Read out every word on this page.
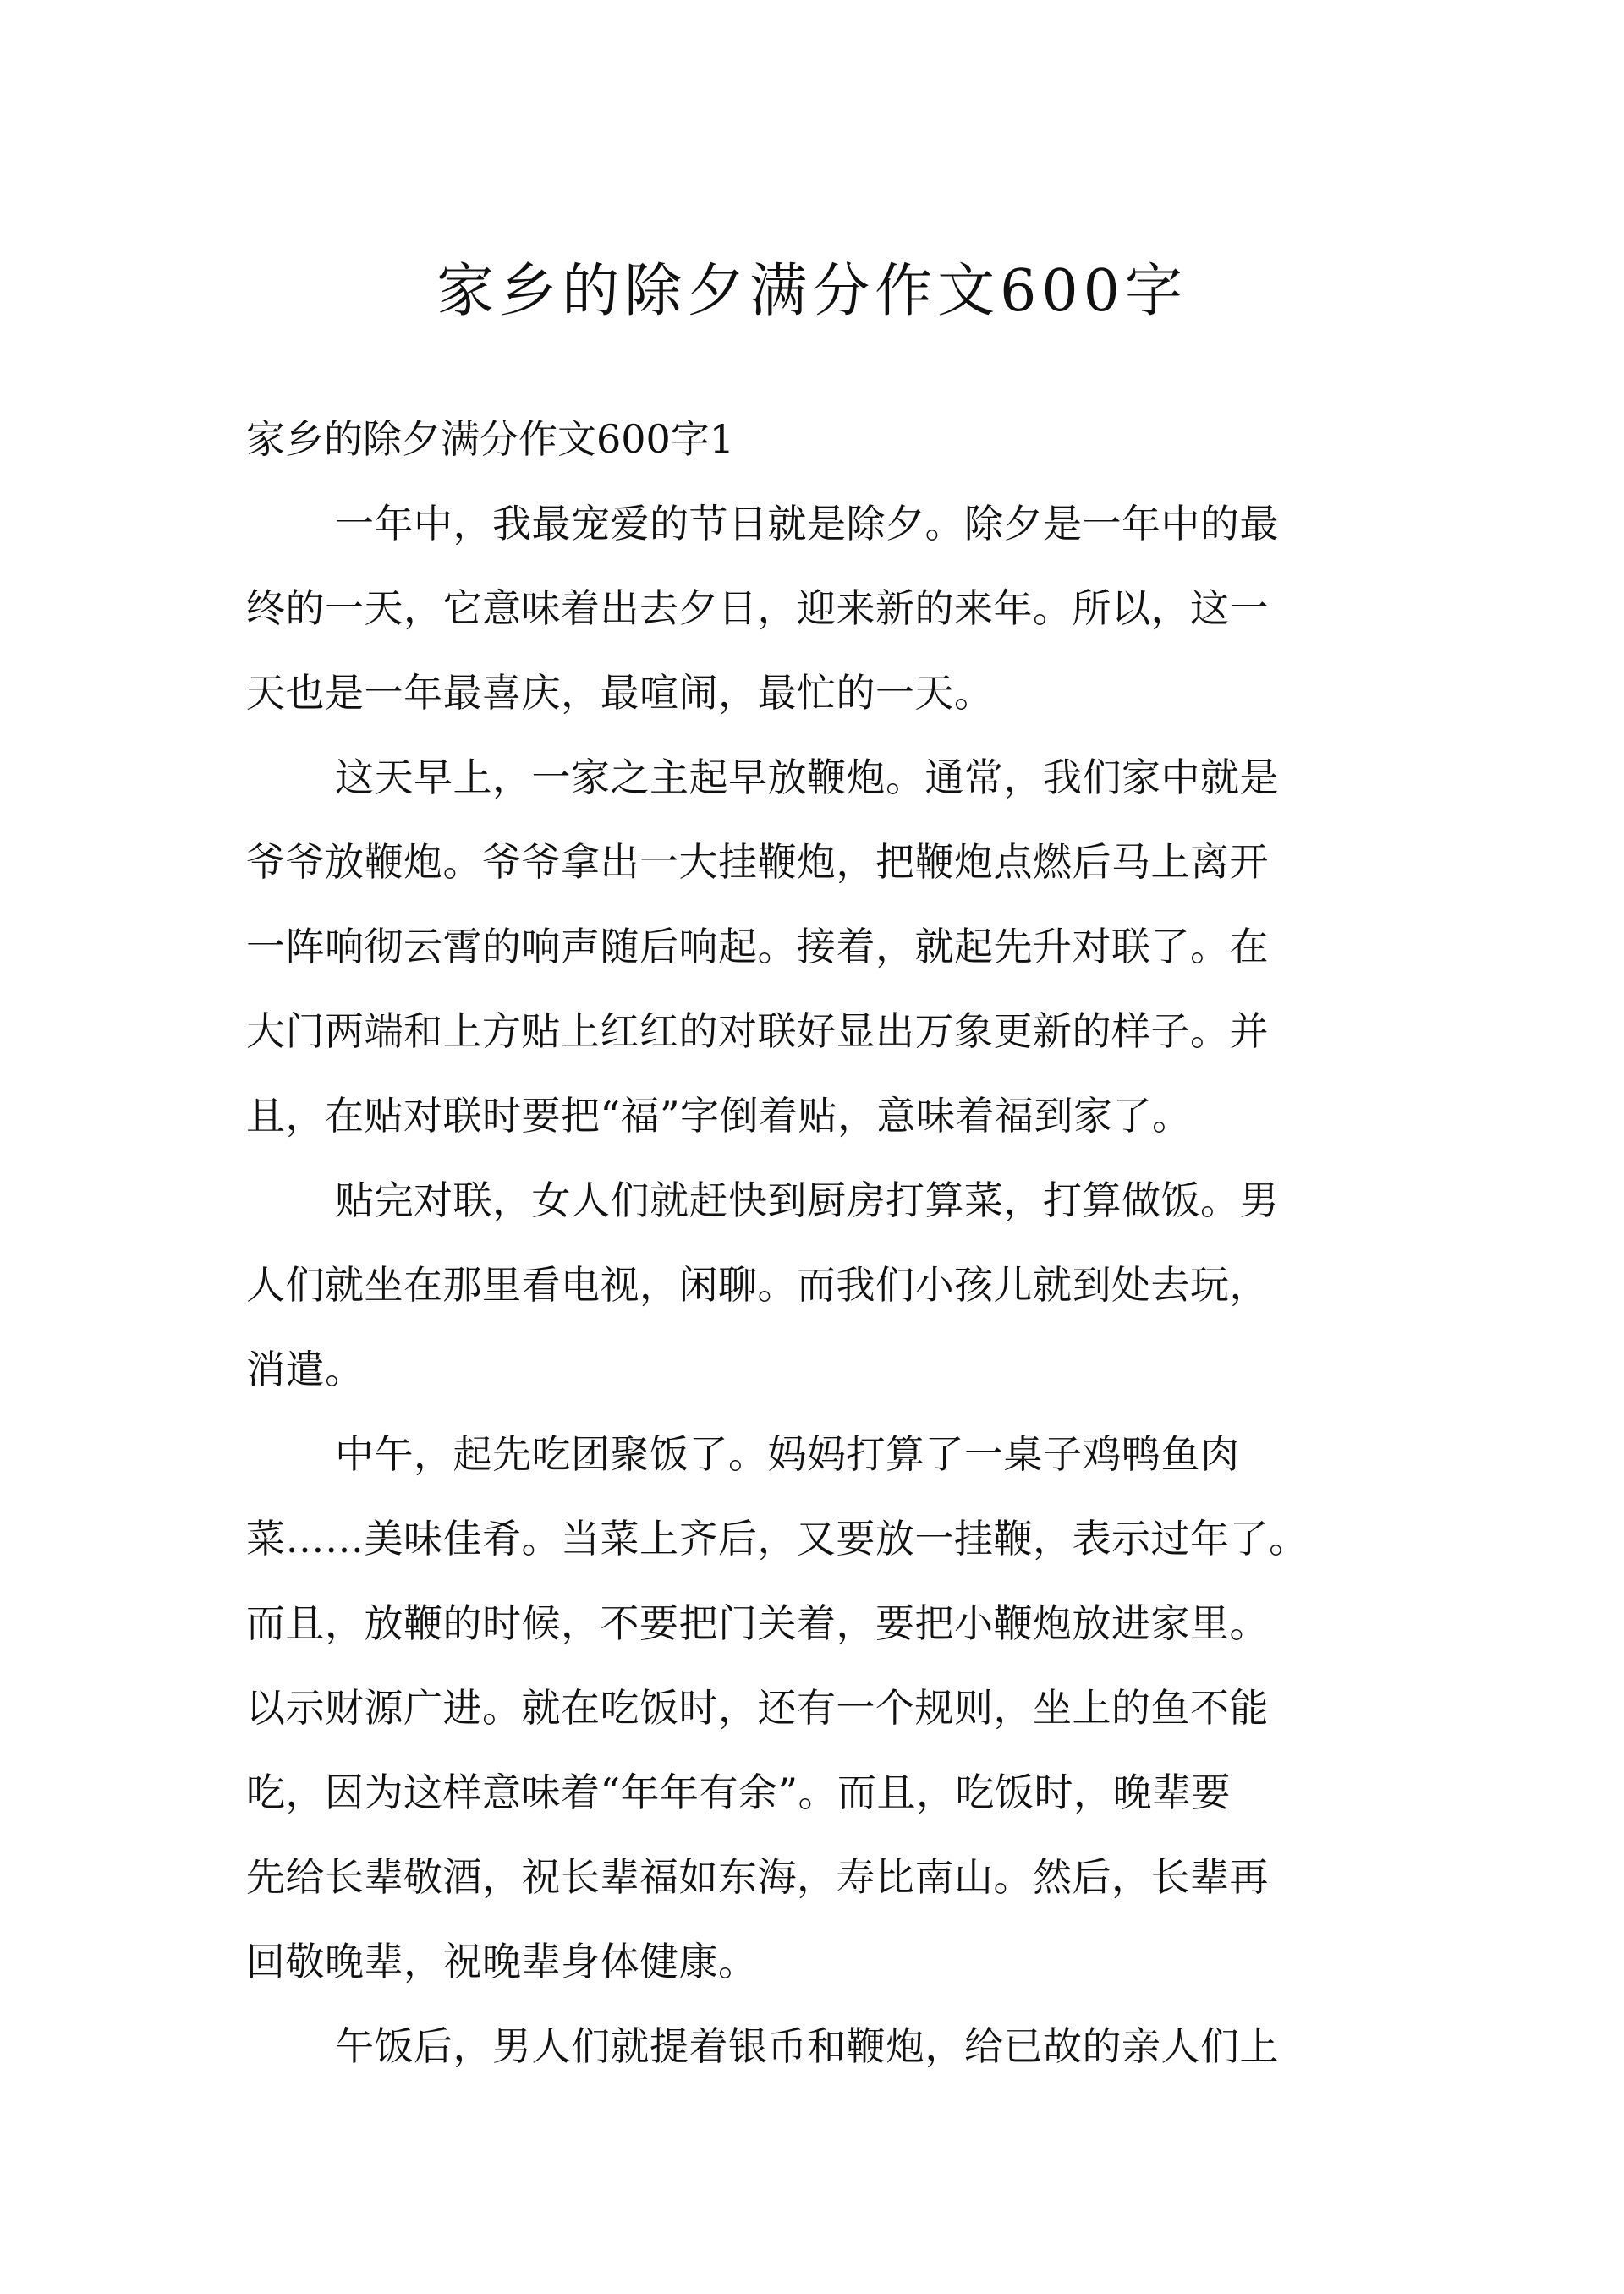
家乡的除夕满分作文600字
家乡的除夕满分作文600字1
一年中，我最宠爱的节日就是除夕。除夕是一年中的最
终的一天，它意味着出去夕日，迎来新的来年。所以，这一
天也是一年最喜庆，最喧闹，最忙的一天。
这天早上，一家之主起早放鞭炮。通常，我们家中就是
爷爷放鞭炮。爷爷拿出一大挂鞭炮，把鞭炮点燃后马上离开
一阵响彻云霄的响声随后响起。接着，就起先升对联了。在
大门两端和上方贴上红红的对联好显出万象更新的样子。并
且，在贴对联时要把“福”字倒着贴，意味着福到家了。
贴完对联，女人们就赶快到厨房打算菜，打算做饭。男
人们就坐在那里看电视，闲聊。而我们小孩儿就到处去玩，
消遣。
中午，起先吃团聚饭了。妈妈打算了一桌子鸡鸭鱼肉
菜……美味佳肴。当菜上齐后，又要放一挂鞭，表示过年了。
而且，放鞭的时候，不要把门关着，要把小鞭炮放进家里。
以示财源广进。就在吃饭时，还有一个规则，坐上的鱼不能
吃，因为这样意味着“年年有余”。而且，吃饭时，晚辈要
先给长辈敬酒，祝长辈福如东海，寿比南山。然后，长辈再
回敬晚辈，祝晚辈身体健康。
午饭后，男人们就提着银币和鞭炮，给已故的亲人们上
